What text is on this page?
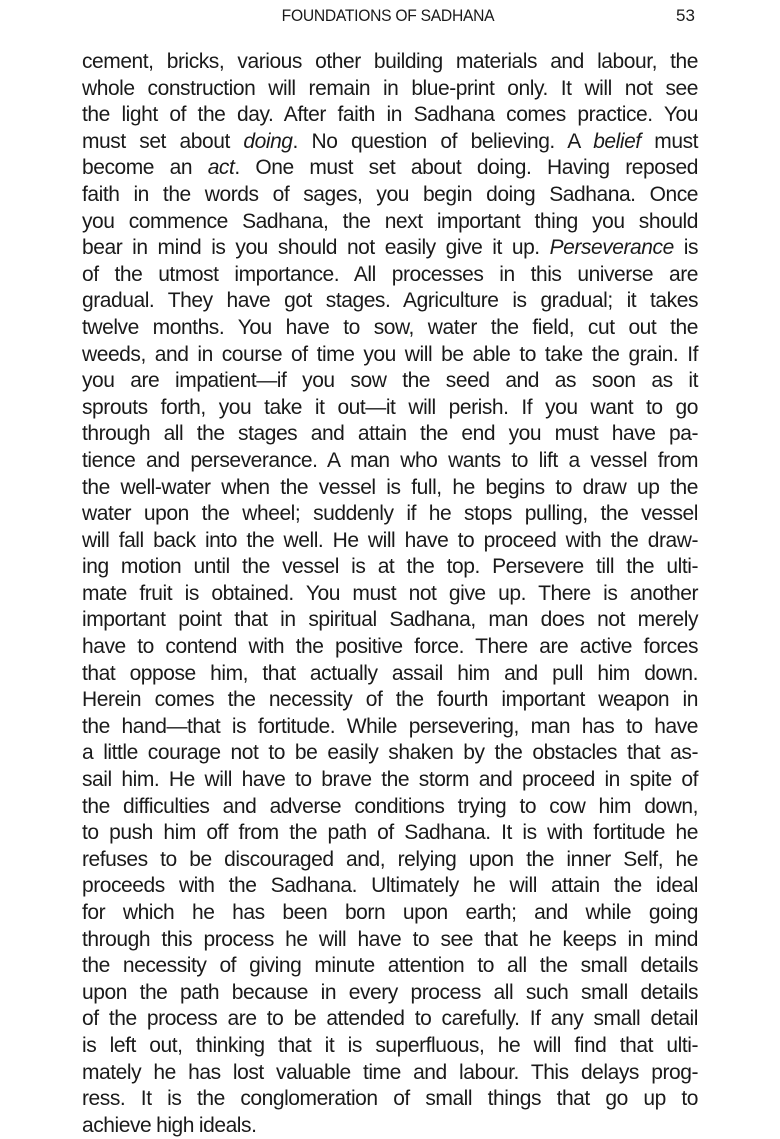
FOUNDATIONS OF SADHANA	53
cement, bricks, various other building materials and labour, the
whole construction will remain in blue-print only. It will not see
the light of the day. After faith in Sadhana comes practice. You
must set about doing. No question of believing. A belief must
become an act. One must set about doing. Having reposed
faith in the words of sages, you begin doing Sadhana. Once
you commence Sadhana, the next important thing you should
bear in mind is you should not easily give it up. Perseverance is
of the utmost importance. All processes in this universe are
gradual. They have got stages. Agriculture is gradual; it takes
twelve months. You have to sow, water the field, cut out the
weeds, and in course of time you will be able to take the grain. If
you are impatient—if you sow the seed and as soon as it
sprouts forth, you take it out—it will perish. If you want to go
through all the stages and attain the end you must have pa-
tience and perseverance. A man who wants to lift a vessel from
the well-water when the vessel is full, he begins to draw up the
water upon the wheel; suddenly if he stops pulling, the vessel
will fall back into the well. He will have to proceed with the draw-
ing motion until the vessel is at the top. Persevere till the ulti-
mate fruit is obtained. You must not give up. There is another
important point that in spiritual Sadhana, man does not merely
have to contend with the positive force. There are active forces
that oppose him, that actually assail him and pull him down.
Herein comes the necessity of the fourth important weapon in
the hand—that is fortitude. While persevering, man has to have
a little courage not to be easily shaken by the obstacles that as-
sail him. He will have to brave the storm and proceed in spite of
the difficulties and adverse conditions trying to cow him down,
to push him off from the path of Sadhana. It is with fortitude he
refuses to be discouraged and, relying upon the inner Self, he
proceeds with the Sadhana. Ultimately he will attain the ideal
for which he has been born upon earth; and while going
through this process he will have to see that he keeps in mind
the necessity of giving minute attention to all the small details
upon the path because in every process all such small details
of the process are to be attended to carefully. If any small detail
is left out, thinking that it is superfluous, he will find that ulti-
mately he has lost valuable time and labour. This delays prog-
ress. It is the conglomeration of small things that go up to
achieve high ideals.
